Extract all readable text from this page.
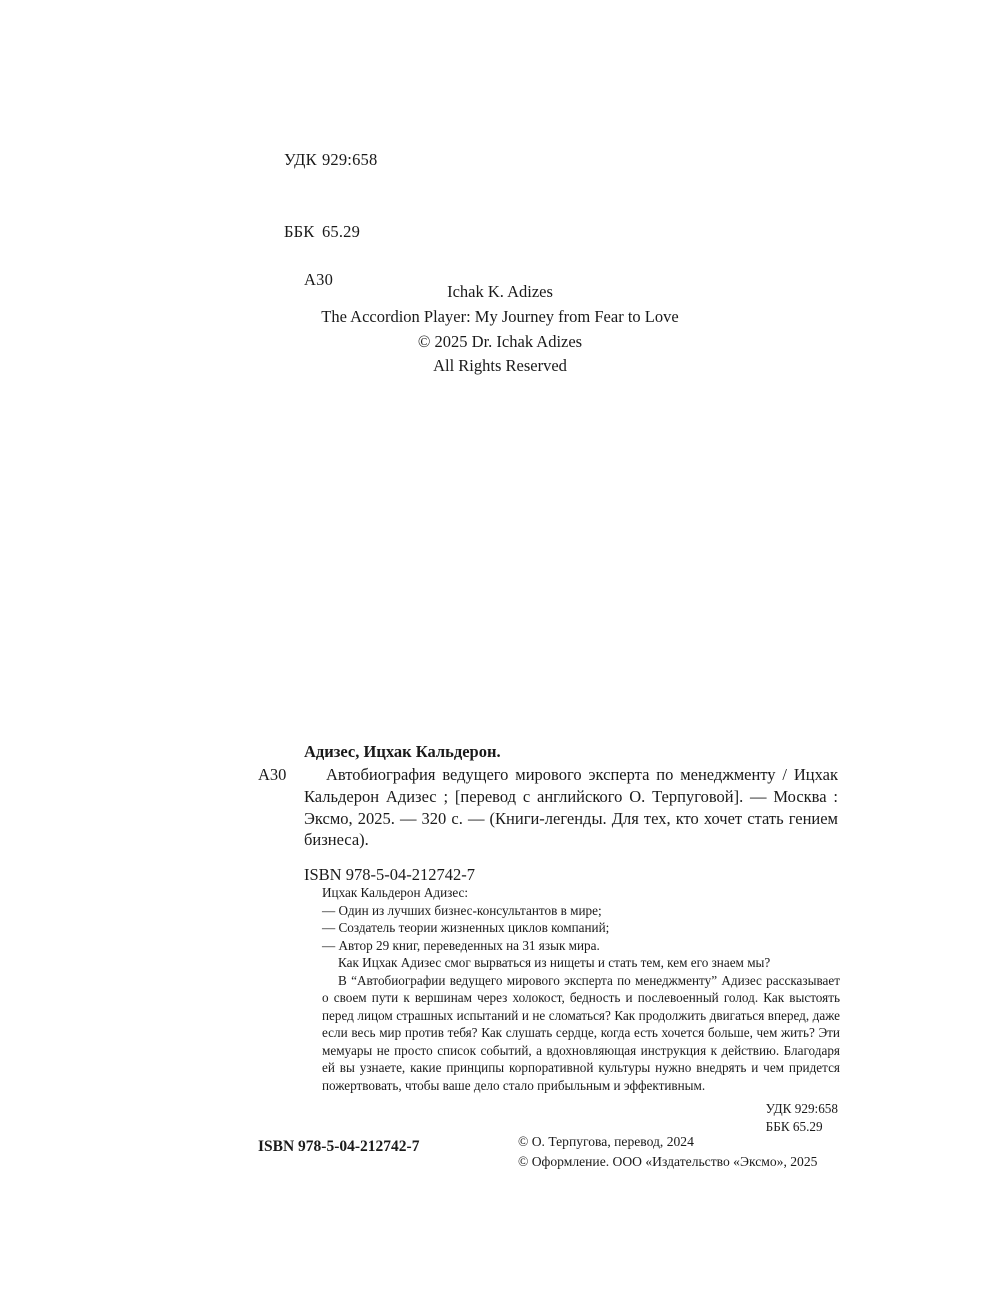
УДК 929:658

ББК 65.29

А30
Ichak K. Adizes
The Accordion Player: My Journey from Fear to Love
© 2025 Dr. Ichak Adizes
All Rights Reserved
Адизес, Ицхак Кальдерон.
А30	Автобиография ведущего мирового эксперта по менеджменту / Ицхак Кальдерон Адизес ; [перевод с английского О. Терпуговой]. — Москва : Эксмо, 2025. — 320 с. — (Книги-легенды. Для тех, кто хочет стать гением бизнеса).

ISBN 978-5-04-212742-7

Ицхак Кальдерон Адизес:

— Один из лучших бизнес-консультантов в мире;

— Создатель теории жизненных циклов компаний;

— Автор 29 книг, переведенных на 31 язык мира.

Как Ицхак Адизес смог вырваться из нищеты и стать тем, кем его знаем мы?

В “Автобиографии ведущего мирового эксперта по менеджменту” Адизес рассказывает о своем пути к вершинам через холокост, бедность и послевоенный голод. Как выстоять перед лицом страшных испытаний и не сломаться? Как продолжить двигаться вперед, даже если весь мир против тебя? Как слушать сердце, когда есть хочется больше, чем жить? Эти мемуары не просто список событий, а вдохновляющая инструкция к действию. Благодаря ей вы узнаете, какие принципы корпоративной культуры нужно внедрять и чем придется пожертвовать, чтобы ваше дело стало прибыльным и эффективным.

УДК 929:658
ББК 65.29
ISBN 978-5-04-212742-7	© О. Терпугова, перевод, 2024
© Оформление. ООО «Издательство «Эксмо», 2025
